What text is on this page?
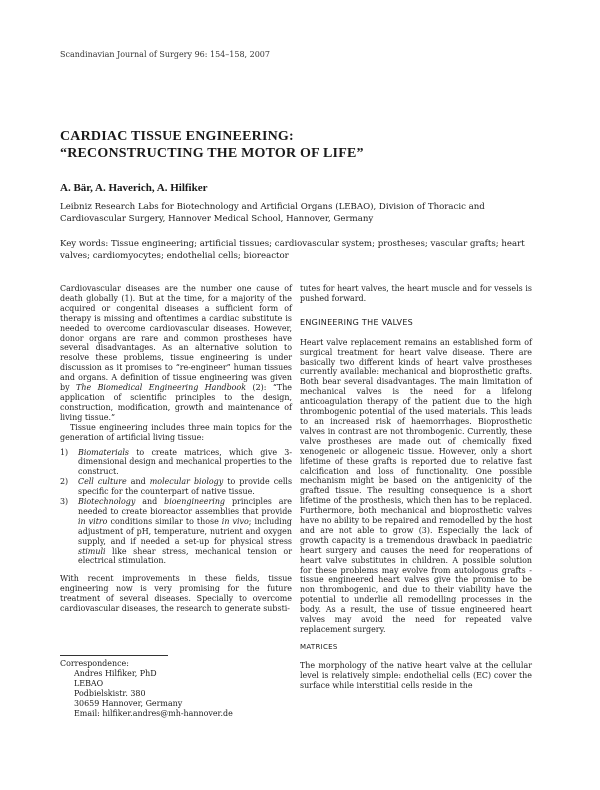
Scandinavian Journal of Surgery 96: 154–158, 2007
CARDIAC TISSUE ENGINEERING:
“RECONSTRUCTING THE MOTOR OF LIFE”
A. Bär, A. Haverich, A. Hilfiker
Leibniz Research Labs for Biotechnology and Artificial Organs (LEBAO), Division of Thoracic and Cardiovascular Surgery, Hannover Medical School, Hannover, Germany
Key words: Tissue engineering; artificial tissues; cardiovascular system; prostheses; vascular grafts; heart valves; cardiomyocytes; endothelial cells; bioreactor

Cardiovascular diseases are the number one cause of death globally (1). But at the time, for a majority of the acquired or congenital diseases a sufficient form of therapy is missing and oftentimes a cardiac substitute is needed to overcome cardiovascular diseases. However, donor organs are rare and common prostheses have several disadvantages. As an alternative solution to resolve these problems, tissue engineering is under discussion as it promises to “re-engineer” human tissues and organs. A definition of tissue engineering was given by The Biomedical Engineering Handbook (2): “The application of scientific principles to the design, construction, modification, growth and maintenance of living tissue.”

Tissue engineering includes three main topics for the generation of artificial living tissue:

1) Biomaterials to create matrices, which give 3-dimensional design and mechanical properties to the construct.
2) Cell culture and molecular biology to provide cells specific for the counterpart of native tissue.
3) Biotechnology and bioengineering principles are needed to create bioreactor assemblies that provide in vitro conditions similar to those in vivo; including adjustment of pH, temperature, nutrient and oxygen supply, and if needed a set-up for physical stress stimuli like shear stress, mechanical tension or electrical stimulation.

With recent improvements in these fields, tissue engineering now is very promising for the future treatment of several diseases. Specially to overcome cardiovascular diseases, the research to generate substi-

tutes for heart valves, the heart muscle and for vessels is pushed forward.

ENGINEERING THE VALVES

Heart valve replacement remains an established form of surgical treatment for heart valve disease. There are basically two different kinds of heart valve prostheses currently available: mechanical and bioprosthetic grafts. Both bear several disadvantages. The main limitation of mechanical valves is the need for a lifelong anticoagulation therapy of the patient due to the high thrombogenic potential of the used materials. This leads to an increased risk of haemorrhages. Bioprosthetic valves in contrast are not thrombogenic. Currently, these valve prostheses are made out of chemically fixed xenogeneic or allogeneic tissue. However, only a short lifetime of these grafts is reported due to relative fast calcification and loss of functionality. One possible mechanism might be based on the antigenicity of the grafted tissue. The resulting consequence is a short lifetime of the prosthesis, which then has to be replaced. Furthermore, both mechanical and bioprosthetic valves have no ability to be repaired and remodelled by the host and are not able to grow (3). Especially the lack of growth capacity is a tremendous drawback in paediatric heart surgery and causes the need for reoperations of heart valve substitutes in children. A possible solution for these problems may evolve from autologous grafts - tissue engineered heart valves give the promise to be non thrombogenic, and due to their viability have the potential to underlie all remodelling processes in the body. As a result, the use of tissue engineered heart valves may avoid the need for repeated valve replacement surgery.

MATRICES

The morphology of the native heart valve at the cellular level is relatively simple: endothelial cells (EC) cover the surface while interstitial cells reside in the

Correspondence:
Andres Hilfiker, PhD
LEBAO
Podbielskistr. 380
30659 Hannover, Germany
Email: hilfiker.andres@mh-hannover.de
